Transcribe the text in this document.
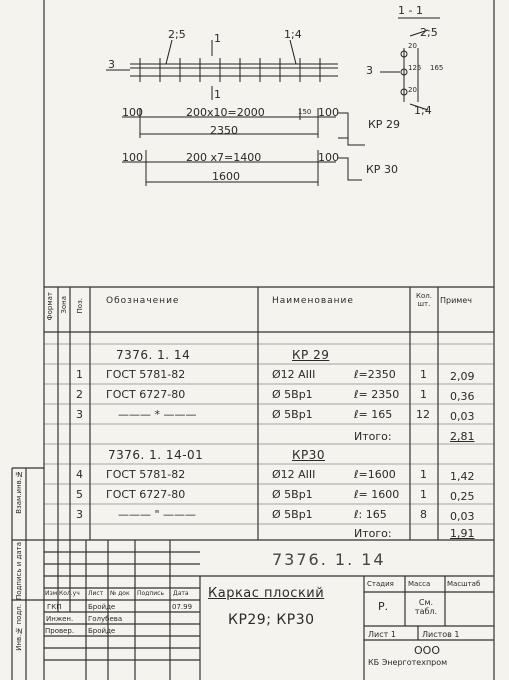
1 - 1
2;5
20
125 165
20
1;4
3
2;5	1	1;4
3
1
100	200x10=2000	150 100
2350	КР 29
100	200 x7=1400	100
1600
КР 30
Формат Зона Поз. Обозначение	Наименование	Кол. шт.	Примеч
7376. 1. 14	КР 29
1 ГОСТ 5781-82	Ø12 AIII	ℓ=2350 1 2,09
2 ГОСТ 6727-80	Ø 5Вр1	ℓ= 2350 1 0,36
3	——— * ———	Ø 5Вр1	ℓ= 165 12 0,03
Итого:	2,81
7376. 1. 14-01	КР30
4 ГОСТ 5781-82	Ø12 AIII	ℓ=1600 1 1,42
5 ГОСТ 6727-80	Ø 5Вр1	ℓ= 1600 1 0,25
3	——— " ———	Ø 5Вр1	ℓ: 165	8 0,03
Итого:	1,91
Инв.№ подл.
Подпись и дата
Взам.инв.№
7376. 1. 14
Изм Кол.уч Лист № док Подпись Дата
ГКП	Бройде	07.99
Инжен. Голубева
Провер. Бройде
Каркас плоский
КР29; КР30
Стадия Масса Масштаб
Р.	См. табл.
Лист 1	Листов 1
ООО
КБ Энерготехпром
